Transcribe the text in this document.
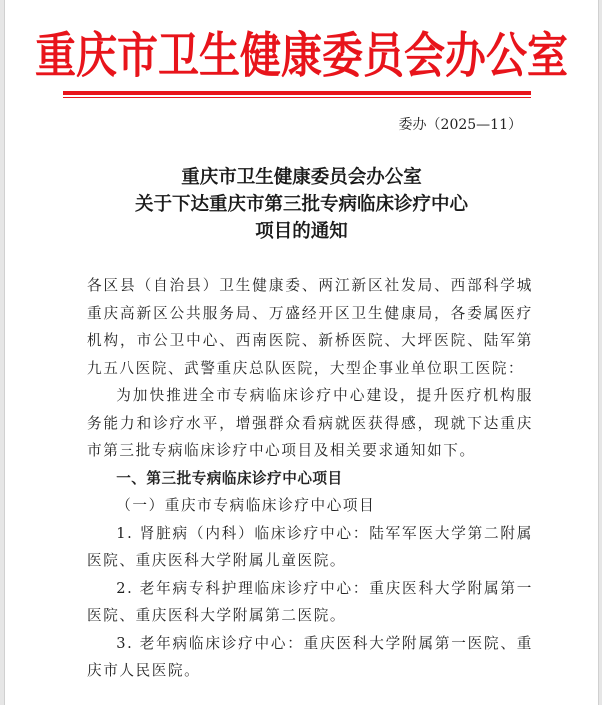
重庆市卫生健康委员会办公室
委办（2025—11）
重庆市卫生健康委员会办公室
关于下达重庆市第三批专病临床诊疗中心
项目的通知

各区县（自治县）卫生健康委、两江新区社发局、西部科学城重庆高新区公共服务局、万盛经开区卫生健康局，各委属医疗机构，市公卫中心、西南医院、新桥医院、大坪医院、陆军第九五八医院、武警重庆总队医院，大型企事业单位职工医院：

为加快推进全市专病临床诊疗中心建设，提升医疗机构服务能力和诊疗水平，增强群众看病就医获得感，现就下达重庆市第三批专病临床诊疗中心项目及相关要求通知如下。

一、第三批专病临床诊疗中心项目

（一）重庆市专病临床诊疗中心项目

1. 肾脏病（内科）临床诊疗中心：陆军军医大学第二附属医院、重庆医科大学附属儿童医院。

2. 老年病专科护理临床诊疗中心：重庆医科大学附属第一医院、重庆医科大学附属第二医院。

3. 老年病临床诊疗中心：重庆医科大学附属第一医院、重庆市人民医院。
